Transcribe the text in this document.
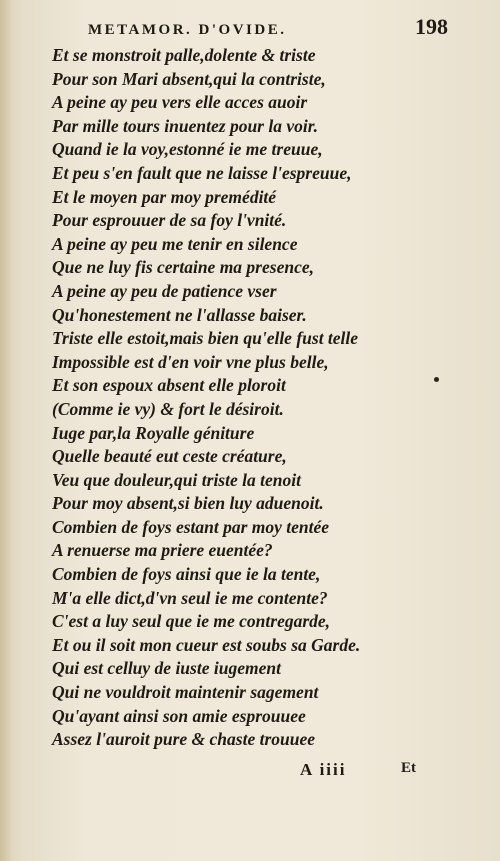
METAMOR. D'OVIDE.	198
Et se monstroit palle,dolente & triste
Pour son Mari absent,qui la contriste,
A peine ay peu vers elle acces auoir
Par mille tours inuentez pour la voir.
Quand ie la voy,estonné ie me treuue,
Et peu s'en fault que ne laisse l'espreuue,
Et le moyen par moy premédité
Pour esprouuer de sa foy l'vnité.
A peine ay peu me tenir en silence
Que ne luy fis certaine ma presence,
A peine ay peu de patience vser
Qu'honestement ne l'allasse baiser.
Triste elle estoit,mais bien qu'elle fust telle
Impossible est d'en voir vne plus belle,
Et son espoux absent elle ploroit
(Comme ie vy) & fort le désiroit.
Iuge par,la Royalle géniture
Quelle beauté eut ceste créature,
Veu que douleur,qui triste la tenoit
Pour moy absent,si bien luy aduenoit.
Combien de foys estant par moy tentée
A renuerse ma priere euentée?
Combien de foys ainsi que ie la tente,
M'a elle dict,d'vn seul ie me contente?
C'est a luy seul que ie me contregarde,
Et ou il soit mon cueur est soubs sa Garde.
Qui est celluy de iuste iugement
Qui ne vouldroit maintenir sagement
Qu'ayant ainsi son amie esprouuee
Assez l'auroit pure & chaste trouuee
A iiii	Et
